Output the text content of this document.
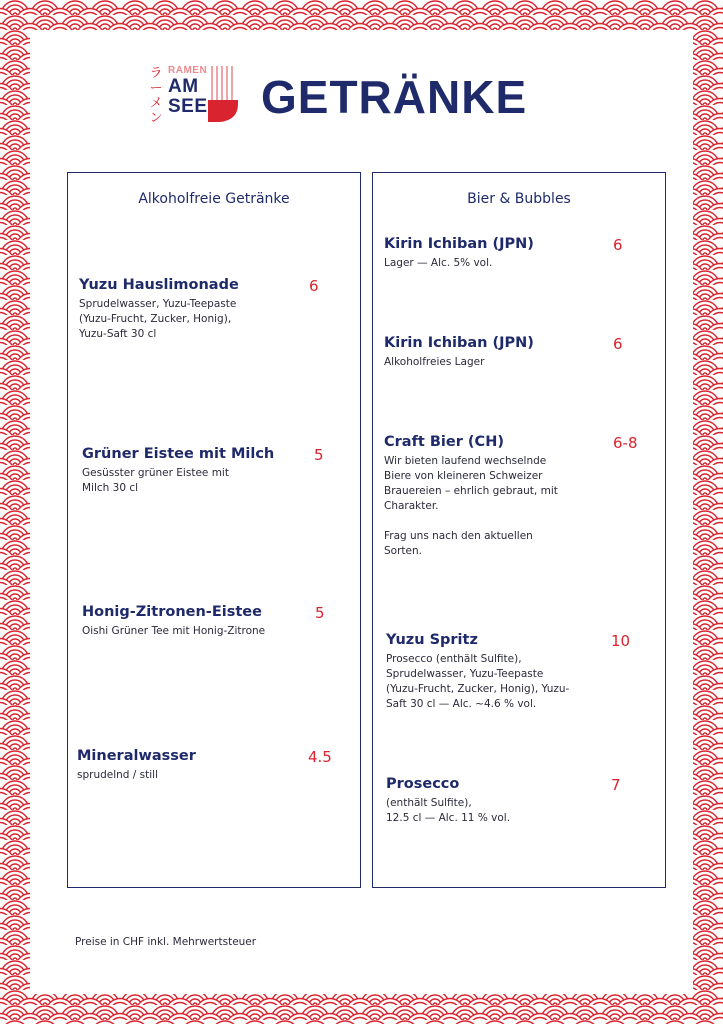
ラ
ー
メ
ン
RAMEN
AM
SEE GETRÄNKE
Alkoholfreie Getränke
Yuzu Hauslimonade	6
Sprudelwasser, Yuzu-Teepaste
(Yuzu-Frucht, Zucker, Honig),
Yuzu-Saft 30 cl
Grüner Eistee mit Milch	5
Gesüsster grüner Eistee mit
Milch 30 cl
Honig-Zitronen-Eistee	5
Oishi Grüner Tee mit Honig-Zitrone
Mineralwasser	4.5
sprudelnd / still
Bier & Bubbles
Kirin Ichiban (JPN)	6
Lager — Alc. 5% vol.
Kirin Ichiban (JPN)	6
Alkoholfreies Lager
Craft Bier (CH)	6-8
Wir bieten laufend wechselnde
Biere von kleineren Schweizer
Brauereien – ehrlich gebraut, mit
Charakter.

Frag uns nach den aktuellen
Sorten.
Yuzu Spritz	10
Prosecco (enthält Sulfite),
Sprudelwasser, Yuzu-Teepaste
(Yuzu-Frucht, Zucker, Honig), Yuzu-
Saft 30 cl — Alc. ~4.6 % vol.
Prosecco	7
(enthält Sulfite),
12.5 cl — Alc. 11 % vol.
Preise in CHF inkl. Mehrwertsteuer
